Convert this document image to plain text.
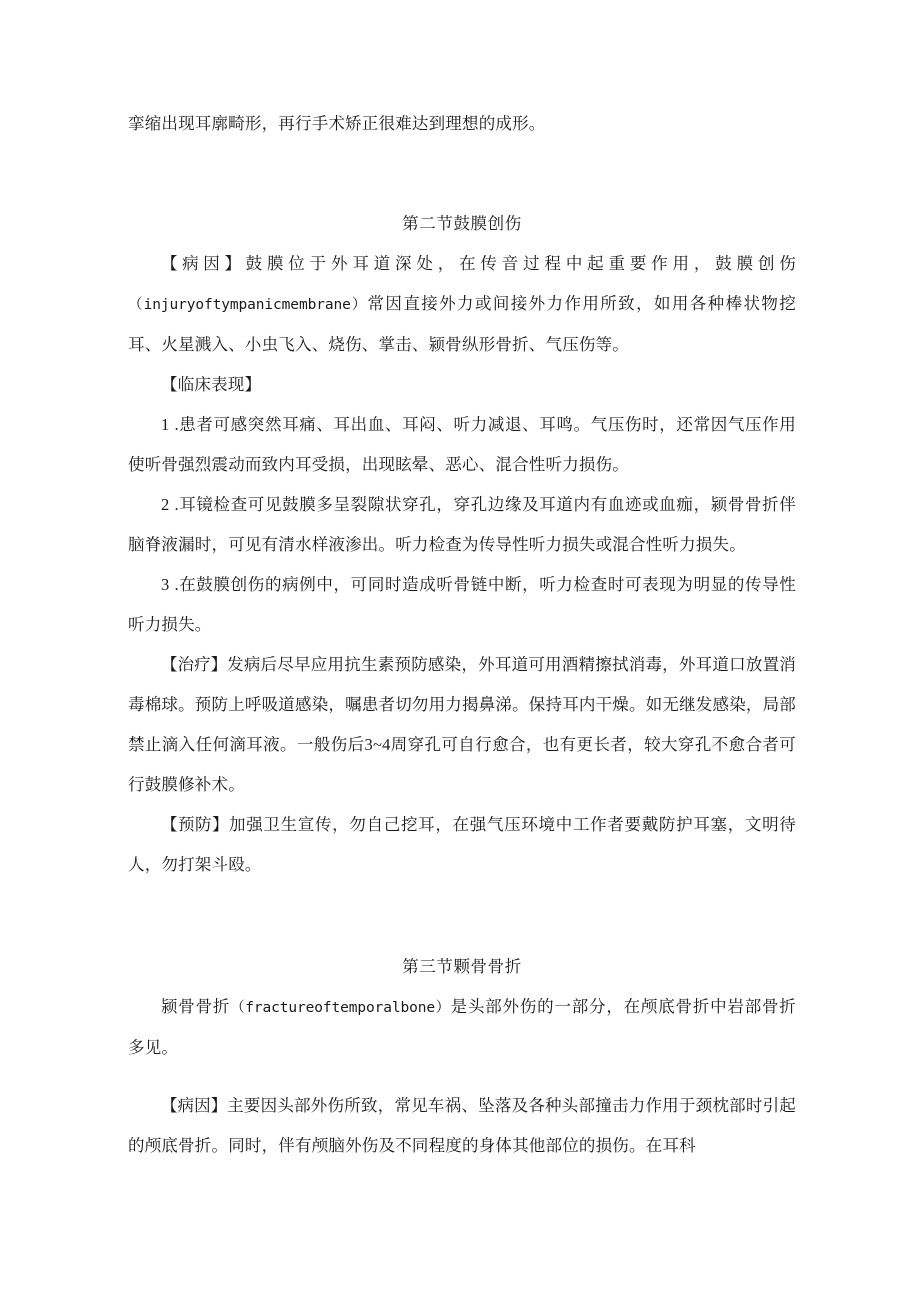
挛缩出现耳廓畸形，再行手术矫正很难达到理想的成形。

第二节鼓膜创伤

【病因】鼓膜位于外耳道深处，在传音过程中起重要作用，鼓膜创伤（injuryoftympanicmembrane）常因直接外力或间接外力作用所致，如用各种棒状物挖耳、火星溅入、小虫飞入、烧伤、掌击、颍骨纵形骨折、气压伤等。

【临床表现】

1 .患者可感突然耳痛、耳出血、耳闷、听力减退、耳鸣。气压伤时，还常因气压作用使听骨强烈震动而致内耳受损，出现眩晕、恶心、混合性听力损伤。

2 .耳镜检查可见鼓膜多呈裂隙状穿孔，穿孔边缘及耳道内有血迹或血痂，颍骨骨折伴脑脊液漏时，可见有清水样液渗出。听力检查为传导性听力损失或混合性听力损失。

3 .在鼓膜创伤的病例中，可同时造成听骨链中断，听力检查时可表现为明显的传导性听力损失。

【治疗】发病后尽早应用抗生素预防感染，外耳道可用酒精擦拭消毒，外耳道口放置消毒棉球。预防上呼吸道感染，嘱患者切勿用力揭鼻涕。保持耳内干燥。如无继发感染，局部禁止滴入任何滴耳液。一般伤后3~4周穿孔可自行愈合，也有更长者，较大穿孔不愈合者可行鼓膜修补术。

【预防】加强卫生宣传，勿自己挖耳，在强气压环境中工作者要戴防护耳塞，文明待人，勿打架斗殴。

第三节颗骨骨折

颍骨骨折（fractureoftemporalbone）是头部外伤的一部分，在颅底骨折中岩部骨折多见。

【病因】主要因头部外伤所致，常见车祸、坠落及各种头部撞击力作用于颈枕部时引起的颅底骨折。同时，伴有颅脑外伤及不同程度的身体其他部位的损伤。在耳科
